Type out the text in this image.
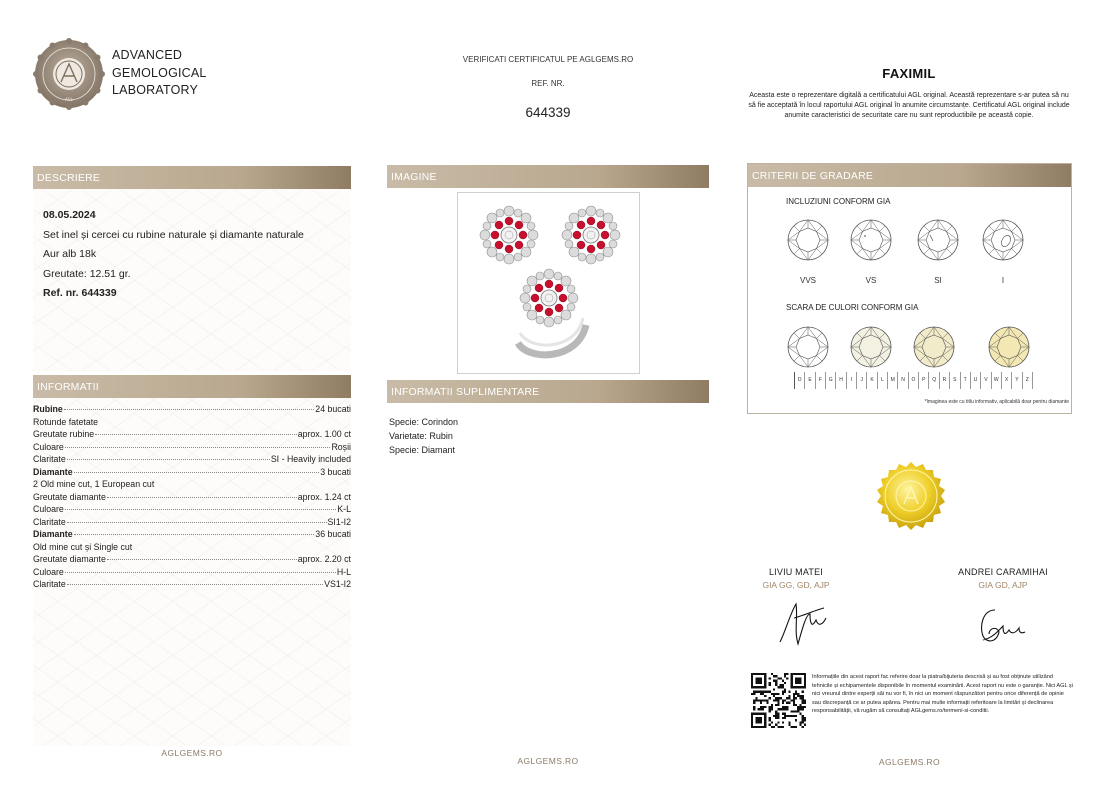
AGL
ADVANCED
GEMOLOGICAL
LABORATORY
VERIFICATI CERTIFICATUL PE AGLGEMS.RO
REF. NR.
644339
FAXIMIL
Aceasta este o reprezentare digitală a certificatului AGL original. Această reprezentare s-ar putea să nu să fie acceptată în locul raportului AGL original în anumite circumstanțe. Certificatul AGL original include anumite caracteristici de securitate care nu sunt reproductibile pe această copie.
DESCRIERE
08.05.2024
Set inel și cercei cu rubine naturale și diamante naturale
Aur alb 18k
Greutate: 12.51 gr.
Ref. nr. 644339
INFORMATII
Rubine	24 bucati
Rotunde fatetate
Greutate rubine	aprox. 1.00 ct
Culoare	Roșii
Claritate	SI - Heavily included
Diamante	3 bucati
2 Old mine cut, 1 European cut
Greutate diamante	aprox. 1.24 ct
Culoare	K-L
Claritate	SI1-I2
Diamante	36 bucati
Old mine cut și Single cut
Greutate diamante	aprox. 2.20 ct
Culoare	H-L
Claritate	VS1-I2
IMAGINE
INFORMATII SUPLIMENTARE
Specie: Corindon
Varietate: Rubin
Specie: Diamant
CRITERII DE GRADARE
INCLUZIUNI CONFORM GIA
VVS	VS	SI	I
SCARA DE CULORI CONFORM GIA
D	E	F	G	H	I	J	K	L	M	N	O	P	Q	R	S	T	U	V	W	X	Y	Z
*Imaginea este cu titlu informativ, aplicabilă doar pentru diamante
LIVIU MATEI
GIA GG, GD, AJP
ANDREI CARAMIHAI
GIA GD, AJP
Informațiile din acest raport fac referire doar la piatra/bijuteria descrisă și au fost obținute utilizând tehnicile și echipamentele disponibile în momentul examinării. Acest raport nu este o garanție. Nici AGL și nici vreunul dintre experții săi nu vor fi, în nici un moment răspunzători pentru orice diferență de opinie sau discrepanță ce ar putea apărea. Pentru mai multe informații referitoare la limitări și declinarea responsabilității, vă rugăm să consultați AGLgems.ro/termeni-si-conditii.
AGLGEMS.RO
AGLGEMS.RO	AGLGEMS.RO
